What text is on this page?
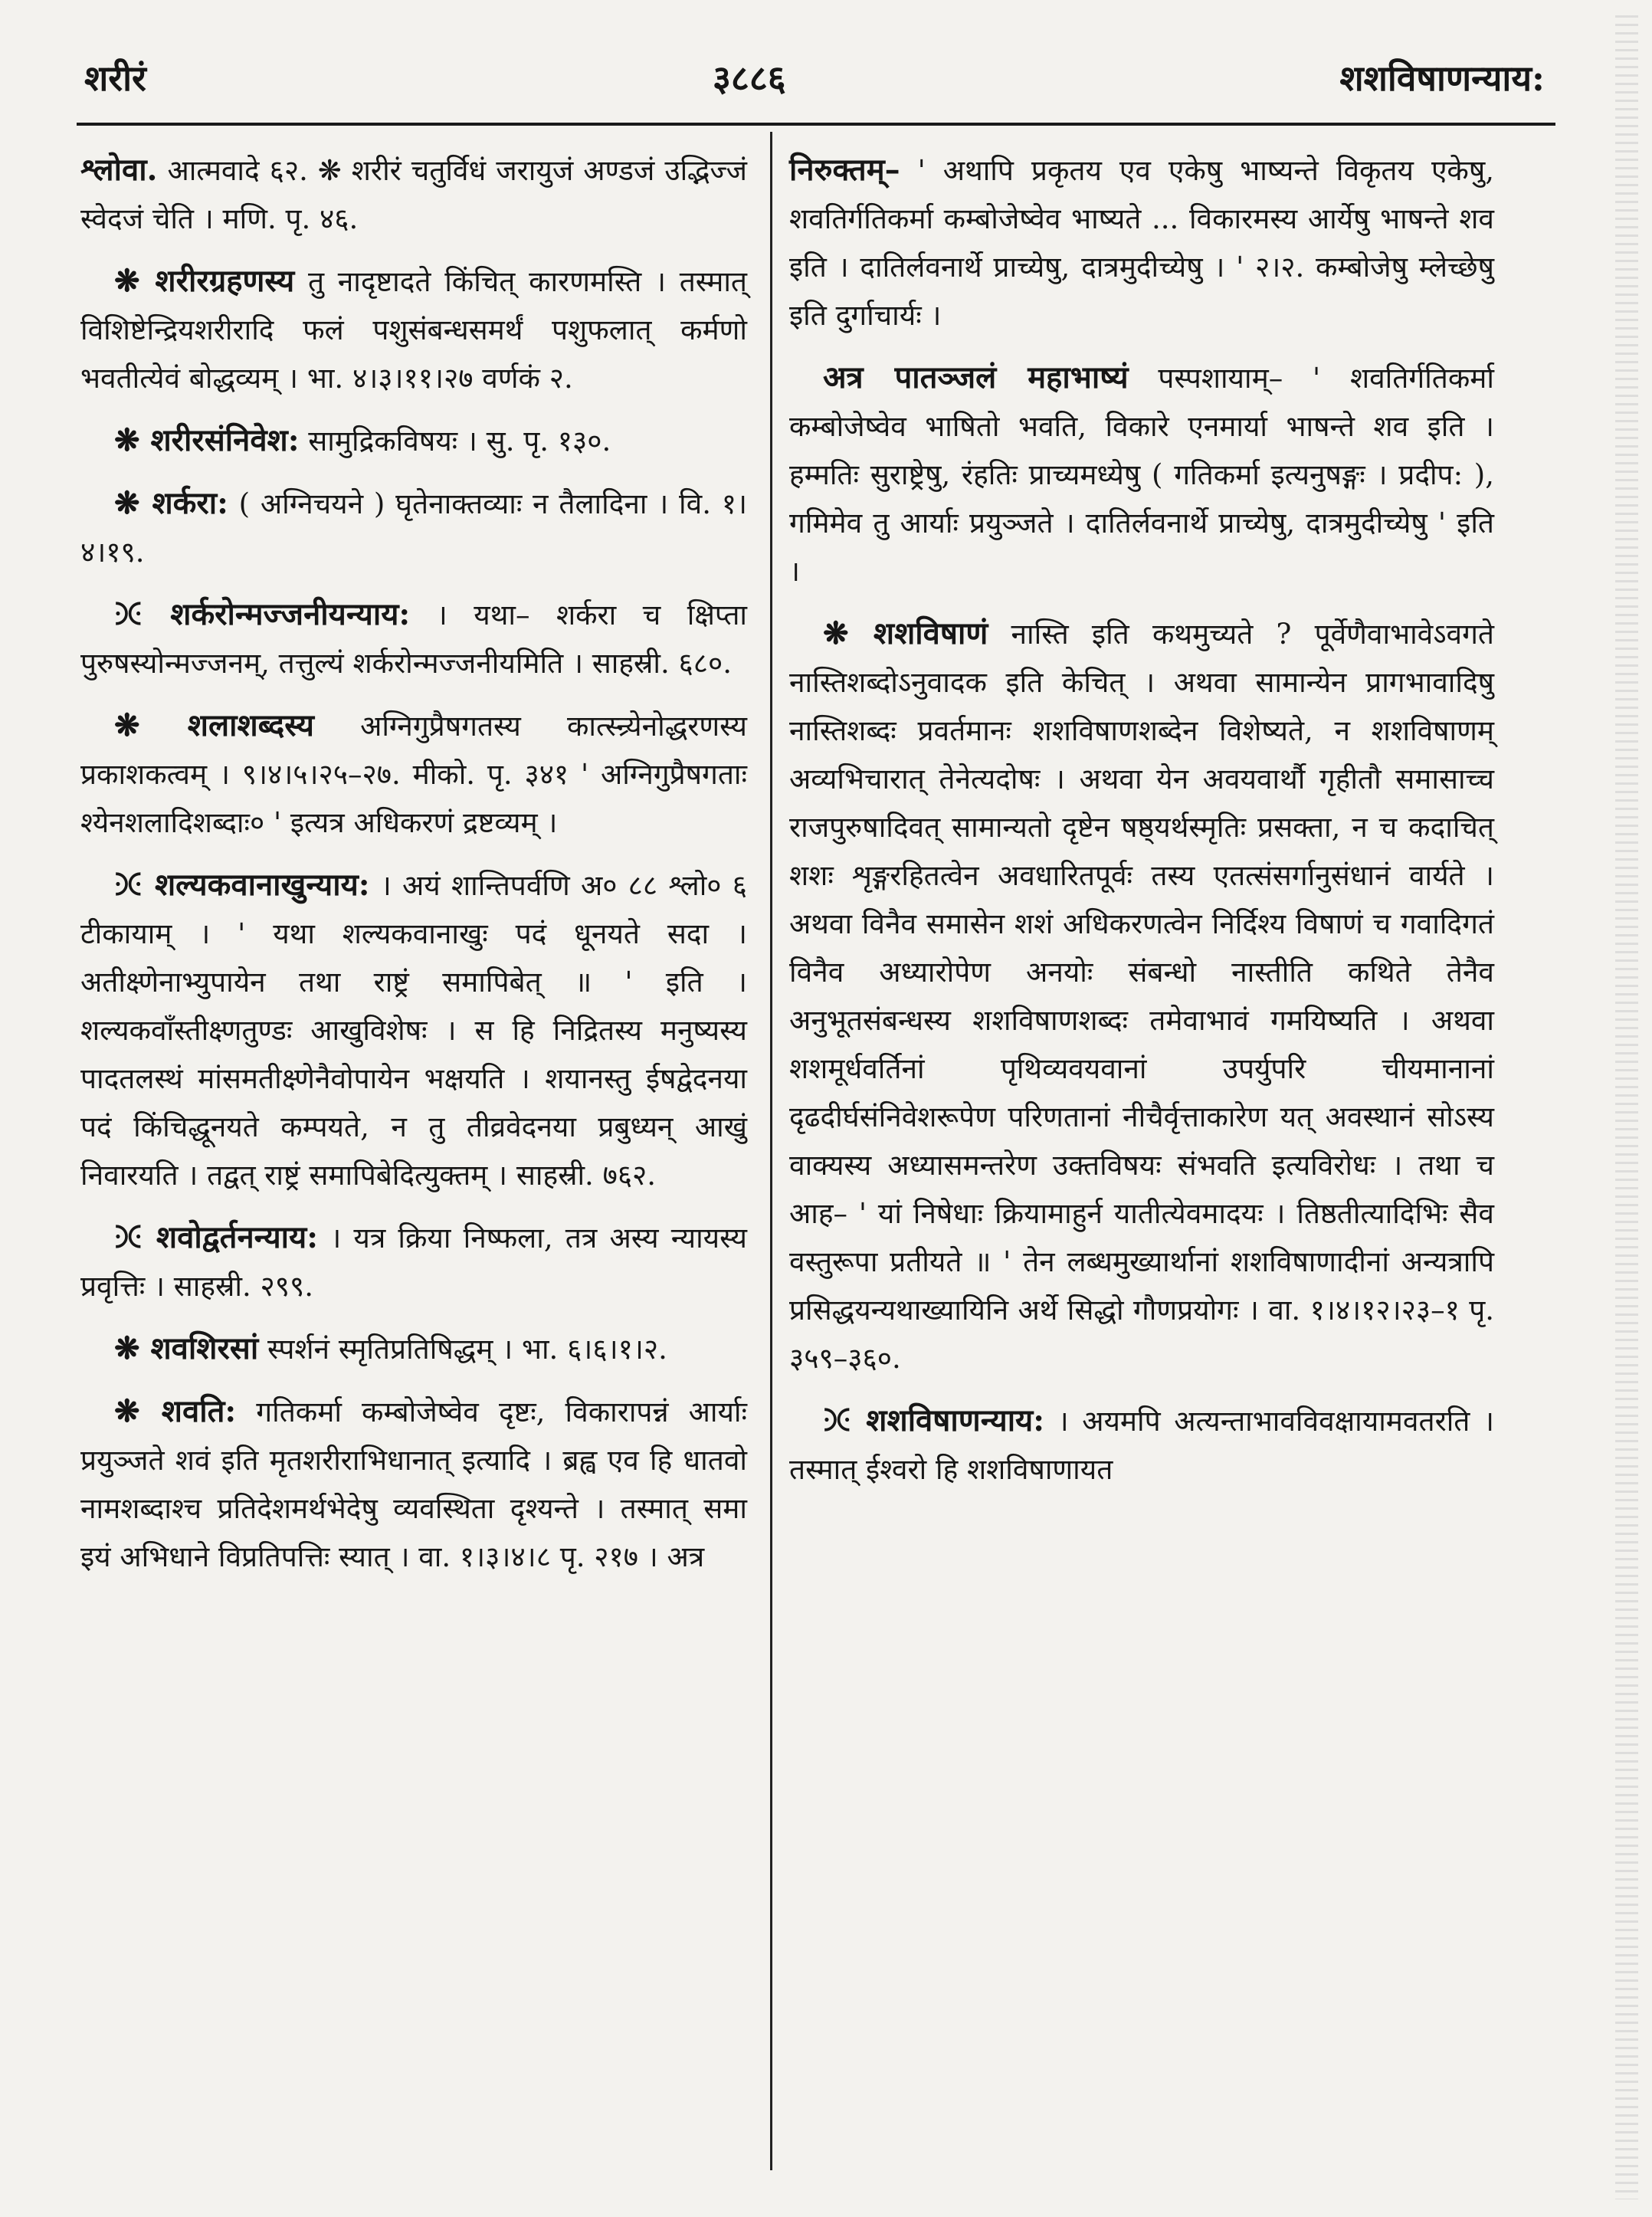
शरीरं	३८८६	शशविषाणन्याय:

श्लोवा. आत्मवादे ६२. ❋ शरीरं चतुर्विधं जरायुजं अण्डजं उद्भिज्जं स्वेदजं चेति । मणि. पृ. ४६.

❋ शरीरग्रहणस्य तु नादृष्टादते किंचित् कारणमस्ति । तस्मात् विशिष्टेन्द्रियशरीरादि फलं पशुसंबन्धसमर्थं पशुफलात् कर्मणो भवतीत्येवं बोद्धव्यम् । भा. ४।३।११।२७ वर्णकं २.

❋ शरीरसंनिवेश: सामुद्रिकविषयः । सु. पृ. १३०.

❋ शर्करा: ( अग्निचयने ) घृतेनाक्तव्याः न तैलादिना । वि. १।४।१९.

ꖻ शर्करोन्मज्जनीयन्याय: । यथा– शर्करा च क्षिप्ता पुरुषस्योन्मज्जनम्, तत्तुल्यं शर्करोन्मज्जनीयमिति । साहस्री. ६८०.

❋ शलाशब्दस्य अग्निगुप्रैषगतस्य कात्स्न्र्येनोद्धरणस्य प्रकाशकत्वम् । ९।४।५।२५–२७. मीको. पृ. ३४१ ' अग्निगुप्रैषगताः श्येनशलादिशब्दाः० ' इत्यत्र अधिकरणं द्रष्टव्यम् ।

ꖻ शल्यकवानाखुन्याय: । अयं शान्तिपर्वणि अ० ८८ श्लो० ६ टीकायाम् । ' यथा शल्यकवानाखुः पदं धूनयते सदा । अतीक्ष्णेनाभ्युपायेन तथा राष्ट्रं समापिबेत् ॥ ' इति । शल्यकवाँस्तीक्ष्णतुण्डः आखुविशेषः । स हि निद्रितस्य मनुष्यस्य पादतलस्थं मांसमतीक्ष्णेनैवोपायेन भक्षयति । शयानस्तु ईषद्वेदनया पदं किंचिद्धूनयते कम्पयते, न तु तीव्रवेदनया प्रबुध्यन् आखुं निवारयति । तद्वत् राष्ट्रं समापिबेदित्युक्तम् । साहस्री. ७६२.

ꖻ शवोद्वर्तनन्याय: । यत्र क्रिया निष्फला, तत्र अस्य न्यायस्य प्रवृत्तिः । साहस्री. २९९.

❋ शवशिरसां स्पर्शनं स्मृतिप्रतिषिद्धम् । भा. ६।६।१।२.

❋ शवति: गतिकर्मा कम्बोजेष्वेव दृष्टः, विकारापन्नं आर्याः प्रयुञ्जते शवं इति मृतशरीराभिधानात् इत्यादि । ब्रह्व एव हि धातवो नामशब्दाश्च प्रतिदेशमर्थभेदेषु व्यवस्थिता दृश्यन्ते । तस्मात् समा इयं अभिधाने विप्रतिपत्तिः स्यात् । वा. १।३।४।८ पृ. २१७ । अत्र

निरुक्तम्– ' अथापि प्रकृतय एव एकेषु भाष्यन्ते विकृतय एकेषु, शवतिर्गतिकर्मा कम्बोजेष्वेव भाष्यते ... विकारमस्य आर्येषु भाषन्ते शव इति । दातिर्लवनार्थे प्राच्येषु, दात्रमुदीच्येषु । ' २।२. कम्बोजेषु म्लेच्छेषु इति दुर्गाचार्यः ।

अत्र पातञ्जलं महाभाष्यं पस्पशायाम्– ' शवतिर्गतिकर्मा कम्बोजेष्वेव भाषितो भवति, विकारे एनमार्या भाषन्ते शव इति । हम्मतिः सुराष्ट्रेषु, रंहतिः प्राच्यमध्येषु ( गतिकर्मा इत्यनुषङ्गः । प्रदीप: ), गमिमेव तु आर्याः प्रयुञ्जते । दातिर्लवनार्थे प्राच्येषु, दात्रमुदीच्येषु ' इति ।

❋ शशविषाणं नास्ति इति कथमुच्यते ? पूर्वेणैवाभावेऽवगते नास्तिशब्दोऽनुवादक इति केचित् । अथवा सामान्येन प्रागभावादिषु नास्तिशब्दः प्रवर्तमानः शशविषाणशब्देन विशेष्यते, न शशविषाणम् अव्यभिचारात् तेनेत्यदोषः । अथवा येन अवयवार्थौ गृहीतौ समासाच्च राजपुरुषादिवत् सामान्यतो दृष्टेन षष्ठ्यर्थस्मृतिः प्रसक्ता, न च कदाचित् शशः शृङ्गरहितत्वेन अवधारितपूर्वः तस्य एतत्संसर्गानुसंधानं वार्यते । अथवा विनैव समासेन शशं अधिकरणत्वेन निर्दिश्य विषाणं च गवादिगतं विनैव अध्यारोपेण अनयोः संबन्धो नास्तीति कथिते तेनैव अनुभूतसंबन्धस्य शशविषाणशब्दः तमेवाभावं गमयिष्यति । अथवा शशमूर्धवर्तिनां पृथिव्यवयवानां उपर्युपरि चीयमानानां दृढदीर्घसंनिवेशरूपेण परिणतानां नीचैर्वृत्ताकारेण यत् अवस्थानं सोऽस्य वाक्यस्य अध्यासमन्तरेण उक्तविषयः संभवति इत्यविरोधः । तथा च आह– ' यां निषेधाः क्रियामाहुर्न यातीत्येवमादयः । तिष्ठतीत्यादिभिः सैव वस्तुरूपा प्रतीयते ॥ ' तेन लब्धमुख्यार्थानां शशविषाणादीनां अन्यत्रापि प्रसिद्धयन्यथाख्यायिनि अर्थे सिद्धो गौणप्रयोगः । वा. १।४।१२।२३–१ पृ. ३५९–३६०.

ꖻ शशविषाणन्याय: । अयमपि अत्यन्ताभावविवक्षायामवतरति । तस्मात् ईश्वरो हि शशविषाणायत
